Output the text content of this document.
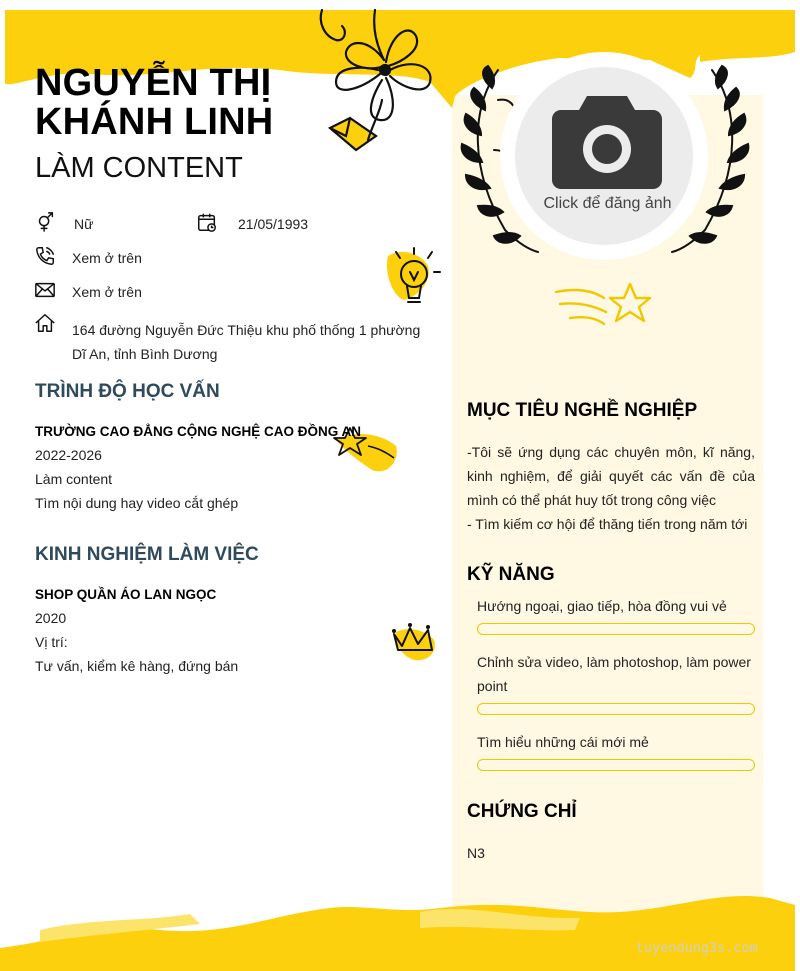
NGUYỄN THỊ KHÁNH LINH
LÀM CONTENT
Nữ	21/05/1993
Xem ở trên
Xem ở trên
164 đường Nguyễn Đức Thiệu khu phố thống 1 phường Dĩ An, tỉnh Bình Dương
TRÌNH ĐỘ HỌC VẤN
TRƯỜNG CAO ĐẲNG CỘNG NGHỆ CAO ĐỒNG AN
2022-2026
Làm content
Tìm nội dung hay video cắt ghép
KINH NGHIỆM LÀM VIỆC
SHOP QUẦN ÁO LAN NGỌC
2020
Vị trí:
Tư vấn, kiểm kê hàng, đứng bán
Click để đăng ảnh
MỤC TIÊU NGHỀ NGHIỆP
-Tôi sẽ ứng dụng các chuyên môn, kĩ năng, kinh nghiệm, để giải quyết các vấn đề của mình có thể phát huy tốt trong công việc
- Tìm kiếm cơ hội để thăng tiến trong năm tới
KỸ NĂNG
Hướng ngoại, giao tiếp, hòa đồng vui vẻ
Chỉnh sửa video, làm photoshop, làm power point
Tìm hiểu những cái mới mẻ
CHỨNG CHỈ
N3
tuyendung3s.com
